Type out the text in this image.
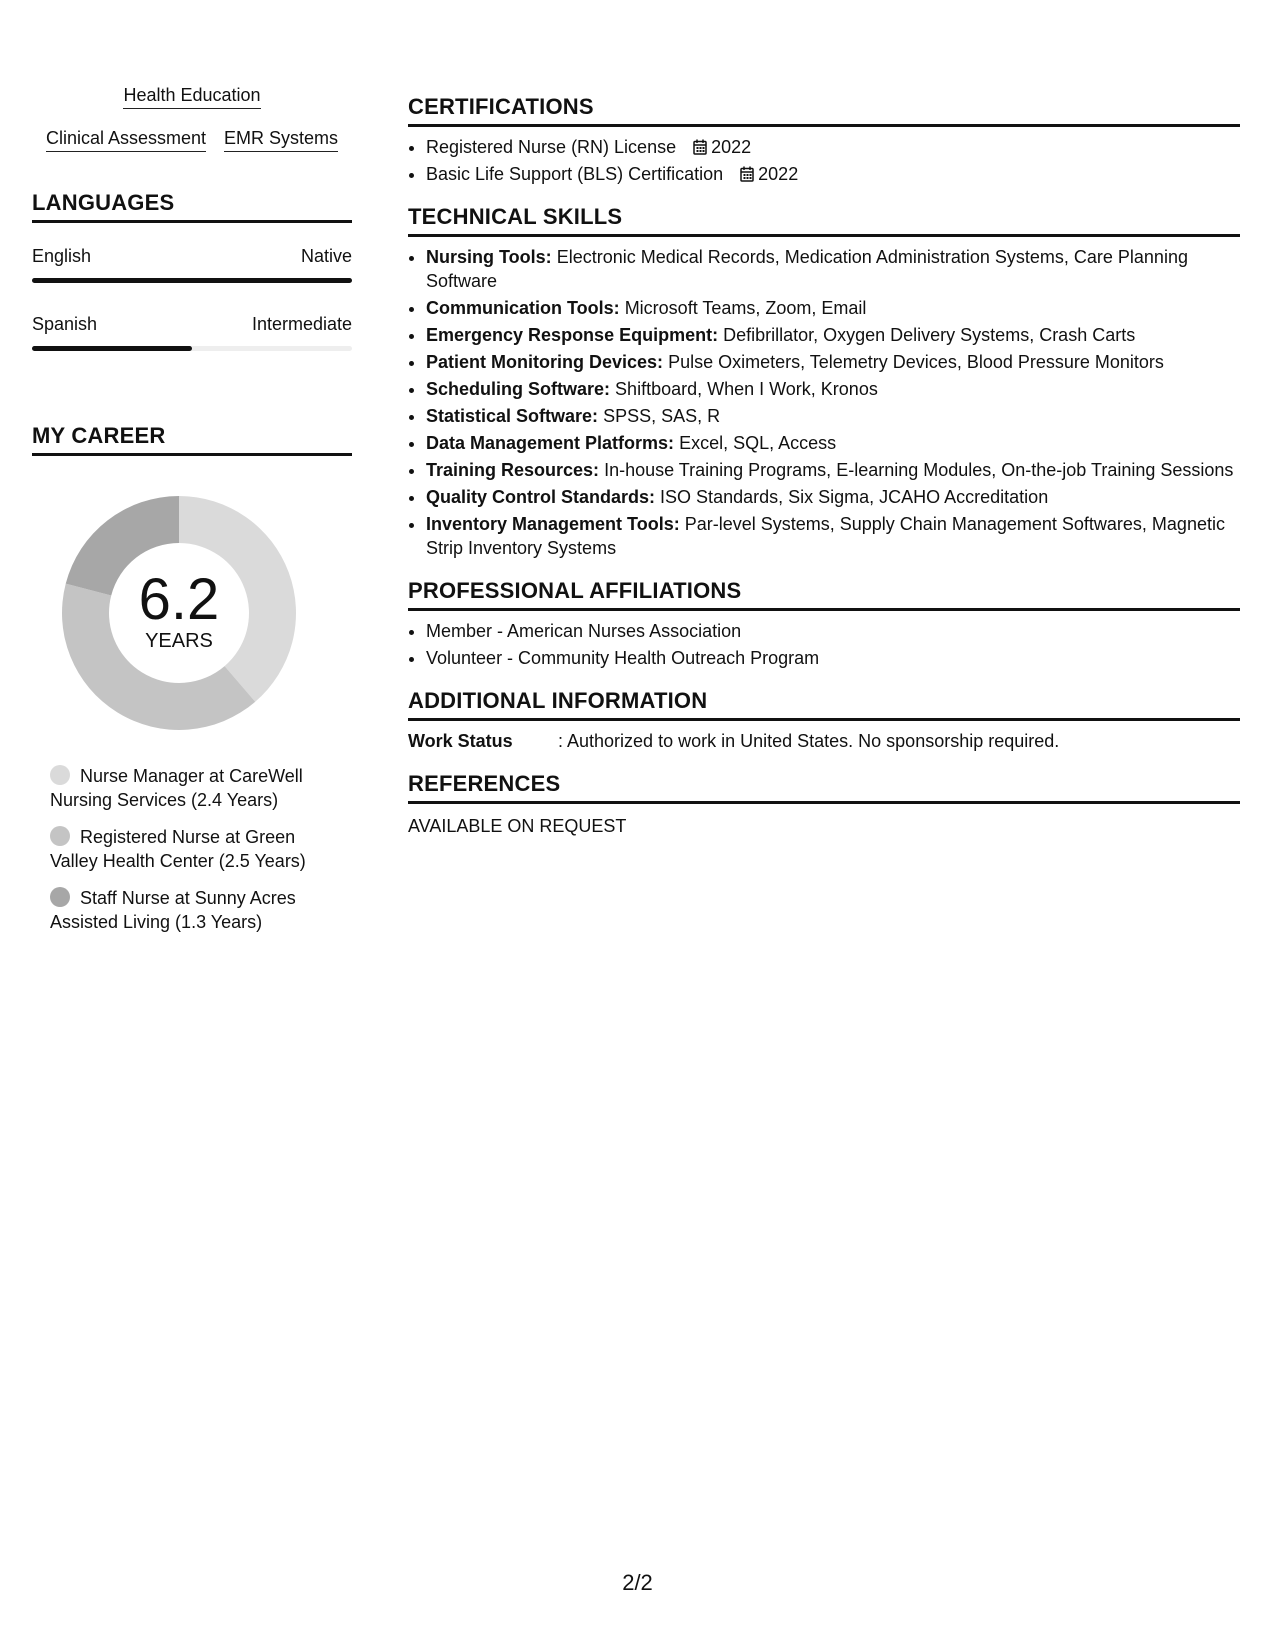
Health Education
Clinical Assessment EMR Systems
LANGUAGES
English	Native
Spanish	Intermediate
MY CAREER
6.2
YEARS
Nurse Manager at CareWell Nursing Services (2.4 Years)
Registered Nurse at Green Valley Health Center (2.5 Years)
Staff Nurse at Sunny Acres Assisted Living (1.3 Years)
CERTIFICATIONS
• Registered Nurse (RN) License 2022
• Basic Life Support (BLS) Certification 2022
TECHNICAL SKILLS
• Nursing Tools: Electronic Medical Records, Medication Administration Systems, Care Planning Software
• Communication Tools: Microsoft Teams, Zoom, Email
• Emergency Response Equipment: Defibrillator, Oxygen Delivery Systems, Crash Carts
• Patient Monitoring Devices: Pulse Oximeters, Telemetry Devices, Blood Pressure Monitors
• Scheduling Software: Shiftboard, When I Work, Kronos
• Statistical Software: SPSS, SAS, R
• Data Management Platforms: Excel, SQL, Access
• Training Resources: In-house Training Programs, E-learning Modules, On-the-job Training Sessions
• Quality Control Standards: ISO Standards, Six Sigma, JCAHO Accreditation
• Inventory Management Tools: Par-level Systems, Supply Chain Management Softwares, Magnetic Strip Inventory Systems
PROFESSIONAL AFFILIATIONS
• Member - American Nurses Association
• Volunteer - Community Health Outreach Program
ADDITIONAL INFORMATION
Work Status	: Authorized to work in United States. No sponsorship required.
REFERENCES
AVAILABLE ON REQUEST
2/2
